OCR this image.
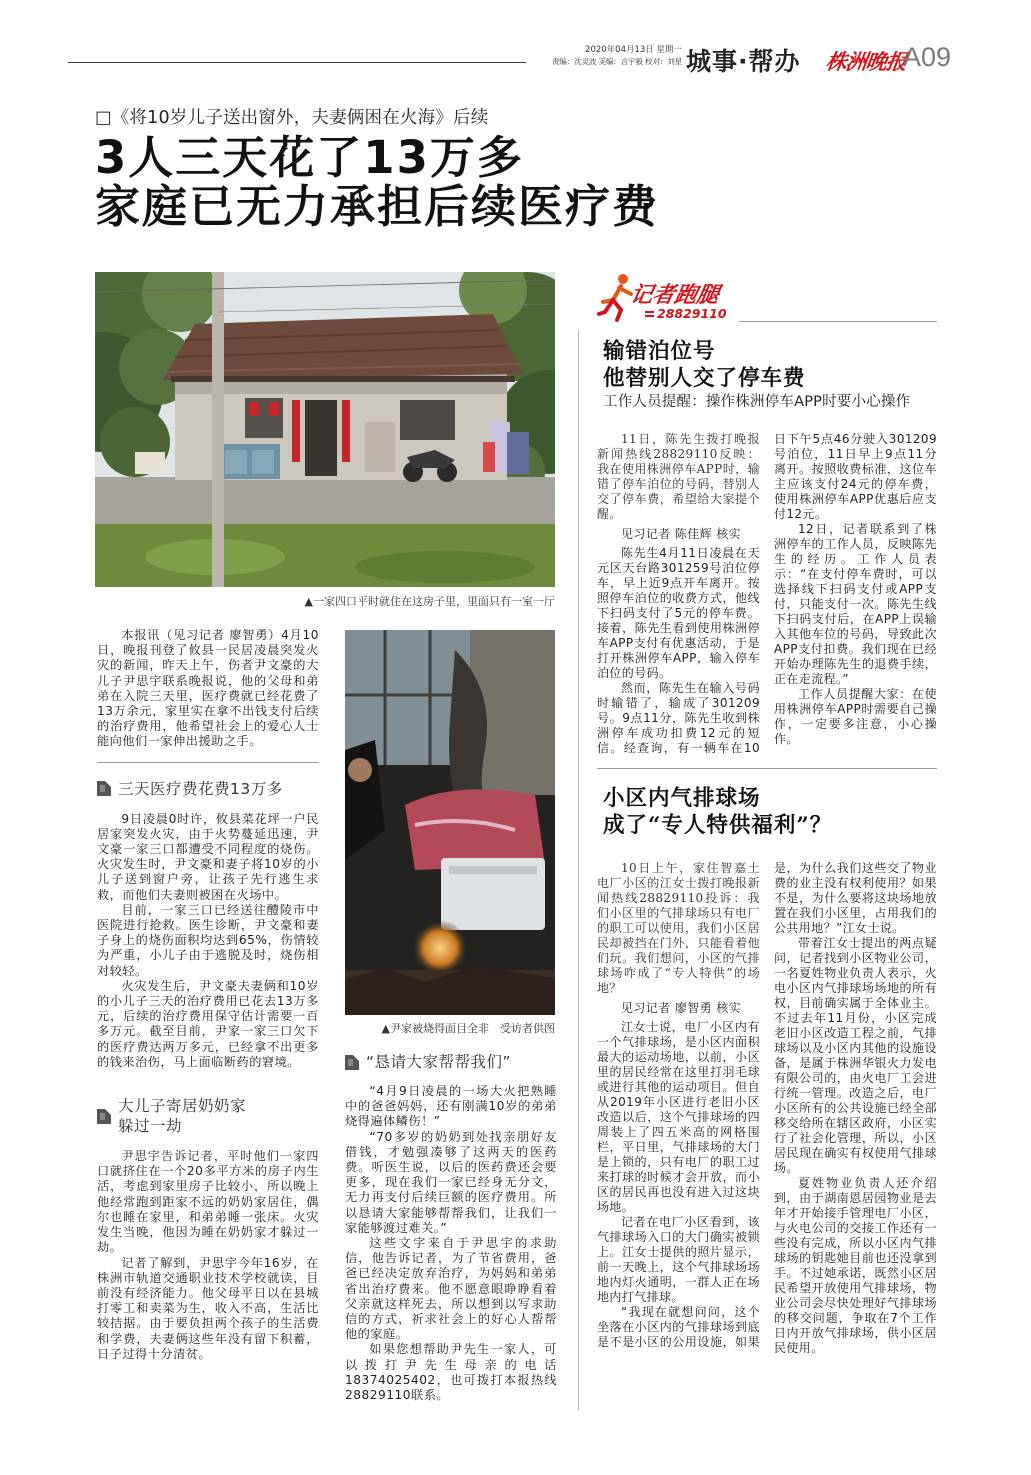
2020年04月13日 星期一
责编：沈灵波 美编：言宇毅 校对：刘星 城事·帮办 株洲晚报
A09
□《将10岁儿子送出窗外，夫妻俩困在火海》后续
3人三天花了13万多
家庭已无力承担后续医疗费
▲一家四口平时就住在这房子里，里面只有一室一厅
▲尹家被烧得面目全非　受访者供图

本报讯（见习记者 廖智勇）4月10日，晚报刊登了攸县一民居凌晨突发火灾的新闻，昨天上午，伤者尹文豪的大儿子尹思宇联系晚报说，他的父母和弟弟在入院三天里，医疗费就已经花费了13万余元，家里实在拿不出钱支付后续的治疗费用，他希望社会上的爱心人士能向他们一家伸出援助之手。

三天医疗费花费13万多

9日凌晨0时许，攸县菜花坪一户民居家突发火灾，由于火势蔓延迅速，尹文豪一家三口都遭受不同程度的烧伤。火灾发生时，尹文豪和妻子将10岁的小儿子送到窗户旁，让孩子先行逃生求救，而他们夫妻则被困在火场中。

目前，一家三口已经送往醴陵市中医院进行抢救。医生诊断，尹文豪和妻子身上的烧伤面积均达到65%，伤情较为严重，小儿子由于逃脱及时，烧伤相对较轻。

火灾发生后，尹文豪夫妻俩和10岁的小儿子三天的治疗费用已花去13万多元，后续的治疗费用保守估计需要一百多万元。截至目前，尹家一家三口欠下的医疗费达两万多元，已经拿不出更多的钱来治伤，马上面临断药的窘境。

大儿子寄居奶奶家
躲过一劫

尹思宇告诉记者，平时他们一家四口就挤住在一个20多平方米的房子内生活，考虑到家里房子比较小，所以晚上他经常跑到距家不远的奶奶家居住，偶尔也睡在家里，和弟弟睡一张床。火灾发生当晚，他因为睡在奶奶家才躲过一劫。

记者了解到，尹思宇今年16岁，在株洲市轨道交通职业技术学校就读，目前没有经济能力。他父母平日以在县城打零工和卖菜为生，收入不高，生活比较拮据。由于要负担两个孩子的生活费和学费，夫妻俩这些年没有留下积蓄，日子过得十分清贫。

“恳请大家帮帮我们”

“4月9日凌晨的一场大火把熟睡中的爸爸妈妈，还有刚满10岁的弟弟烧得遍体鳞伤！”

“70多岁的奶奶到处找亲朋好友借钱，才勉强凑够了这两天的医药费。听医生说，以后的医药费还会要更多，现在我们一家已经身无分文，无力再支付后续巨额的医疗费用。所以恳请大家能够帮帮我们，让我们一家能够渡过难关。”

这些文字来自于尹思宇的求助信，他告诉记者，为了节省费用，爸爸已经决定放弃治疗，为妈妈和弟弟省出治疗费来。他不愿意眼睁睁看着父亲就这样死去，所以想到以写求助信的方式，祈求社会上的好心人帮帮他的家庭。

如果您想帮助尹先生一家人，可以拨打尹先生母亲的电话18374025402，也可拨打本报热线28829110联系。

记者跑腿
28829110
输错泊位号
他替别人交了停车费
工作人员提醒：操作株洲停车APP时要小心操作

11日，陈先生拨打晚报新闻热线28829110反映：我在使用株洲停车APP时，输错了停车泊位的号码，替别人交了停车费，希望给大家提个醒。

见习记者 陈佳辉 核实

陈先生4月11日凌晨在天元区天台路301259号泊位停车，早上近9点开车离开。按照停车泊位的收费方式，他线下扫码支付了5元的停车费。接着，陈先生看到使用株洲停车APP支付有优惠活动，于是打开株洲停车APP，输入停车泊位的号码。

然而，陈先生在输入号码时输错了，输成了301209号。9点11分，陈先生收到株洲停车成功扣费12元的短信。经查询，有一辆车在10日下午5点46分驶入301209号泊位，11日早上9点11分离开。按照收费标准，这位车主应该支付24元的停车费，使用株洲停车APP优惠后应支付12元。

12日，记者联系到了株洲停车的工作人员，反映陈先生的经历。工作人员表示：“在支付停车费时，可以选择线下扫码支付或APP支付，只能支付一次。陈先生线下扫码支付后，在APP上误输入其他车位的号码，导致此次APP支付扣费。我们现在已经开始办理陈先生的退费手续，正在走流程。”

工作人员提醒大家：在使用株洲停车APP时需要自己操作，一定要多注意，小心操作。

小区内气排球场
成了“专人特供福利”？

10日上午，家住智嘉土电厂小区的江女士拨打晚报新闻热线28829110投诉：我们小区里的气排球场只有电厂的职工可以使用，我们小区居民却被挡在门外，只能看着他们玩。我们想问，小区的气排球场咋成了“专人特供”的场地？

见习记者 廖智勇 核实

江女士说，电厂小区内有一个气排球场，是小区内面积最大的运动场地，以前，小区里的居民经常在这里打羽毛球或进行其他的运动项目。但自从2019年小区进行老旧小区改造以后，这个气排球场的四周装上了四五米高的网格围栏，平日里，气排球场的大门是上锁的，只有电厂的职工过来打球的时候才会开放，而小区的居民再也没有进入过这块场地。

记者在电厂小区看到，该气排球场入口的大门确实被锁上。江女士提供的照片显示，前一天晚上，这个气排球场场地内灯火通明，一群人正在场地内打气排球。

“我现在就想问问，这个坐落在小区内的气排球场到底是不是小区的公用设施，如果是，为什么我们这些交了物业费的业主没有权利使用？如果不是，为什么要将这块场地放置在我们小区里，占用我们的公共用地？”江女士说。

带着江女士提出的两点疑问，记者找到小区物业公司，一名夏姓物业负责人表示，火电小区内气排球场场地的所有权，目前确实属于全体业主。不过去年11月份，小区完成老旧小区改造工程之前，气排球场以及小区内其他的设施设备，是属于株洲华银火力发电有限公司的，由火电厂工会进行统一管理。改造之后，电厂小区所有的公共设施已经全部移交给所在辖区政府，小区实行了社会化管理，所以，小区居民现在确实有权使用气排球场。

夏姓物业负责人还介绍到，由于湖南恩居园物业是去年才开始接手管理电厂小区，与火电公司的交接工作还有一些没有完成，所以小区内气排球场的钥匙她目前也还没拿到手。不过她承诺，既然小区居民希望开放使用气排球场，物业公司会尽快处理好气排球场的移交问题，争取在7个工作日内开放气排球场，供小区居民使用。
